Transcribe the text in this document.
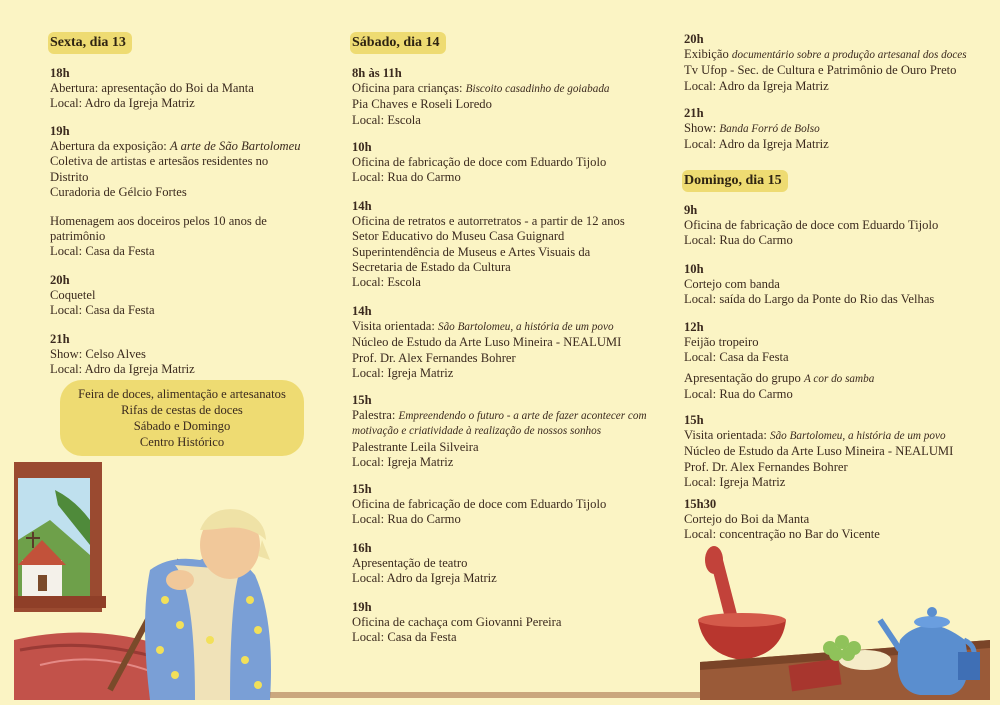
Sexta, dia 13
18h
Abertura: apresentação do Boi da Manta
Local: Adro da Igreja Matriz
19h
Abertura da exposição: A arte de São Bartolomeu
Coletiva de artistas e artesãos residentes no
Distrito
Curadoria de Gélcio Fortes
Homenagem aos doceiros pelos 10 anos de
patrimônio
Local: Casa da Festa
20h
Coquetel
Local: Casa da Festa
21h
Show: Celso Alves
Local: Adro da Igreja Matriz
Feira de doces, alimentação e artesanatos
Rifas de cestas de doces
Sábado e Domingo
Centro Histórico
Sábado, dia 14
8h às 11h
Oficina para crianças: Biscoito casadinho de goiabada
Pia Chaves e Roseli Loredo
Local: Escola
10h
Oficina de fabricação de doce com Eduardo Tijolo
Local: Rua do Carmo
14h
Oficina de retratos e autorretratos - a partir de 12 anos
Setor Educativo do Museu Casa Guignard
Superintendência de Museus e Artes Visuais da
Secretaria de Estado da Cultura
Local: Escola
14h
Visita orientada: São Bartolomeu, a história de um povo
Núcleo de Estudo da Arte Luso Mineira - NEALUMI
Prof. Dr. Alex Fernandes Bohrer
Local: Igreja Matriz
15h
Palestra: Empreendendo o futuro - a arte de fazer acontecer com
motivação e criatividade à realização de nossos sonhos
Palestrante Leila Silveira
Local: Igreja Matriz
15h
Oficina de fabricação de doce com Eduardo Tijolo
Local: Rua do Carmo
16h
Apresentação de teatro
Local: Adro da Igreja Matriz
19h
Oficina de cachaça com Giovanni Pereira
Local: Casa da Festa
20h
Exibição documentário sobre a produção artesanal dos doces
Tv Ufop - Sec. de Cultura e Patrimônio de Ouro Preto
Local: Adro da Igreja Matriz
21h
Show: Banda Forró de Bolso
Local: Adro da Igreja Matriz
Domingo, dia 15
9h
Oficina de fabricação de doce com Eduardo Tijolo
Local: Rua do Carmo
10h
Cortejo com banda
Local: saída do Largo da Ponte do Rio das Velhas
12h
Feijão tropeiro
Local: Casa da Festa
Apresentação do grupo A cor do samba
Local: Rua do Carmo
15h
Visita orientada: São Bartolomeu, a história de um povo
Núcleo de Estudo da Arte Luso Mineira - NEALUMI
Prof. Dr. Alex Fernandes Bohrer
Local: Igreja Matriz
15h30
Cortejo do Boi da Manta
Local: concentração no Bar do Vicente
